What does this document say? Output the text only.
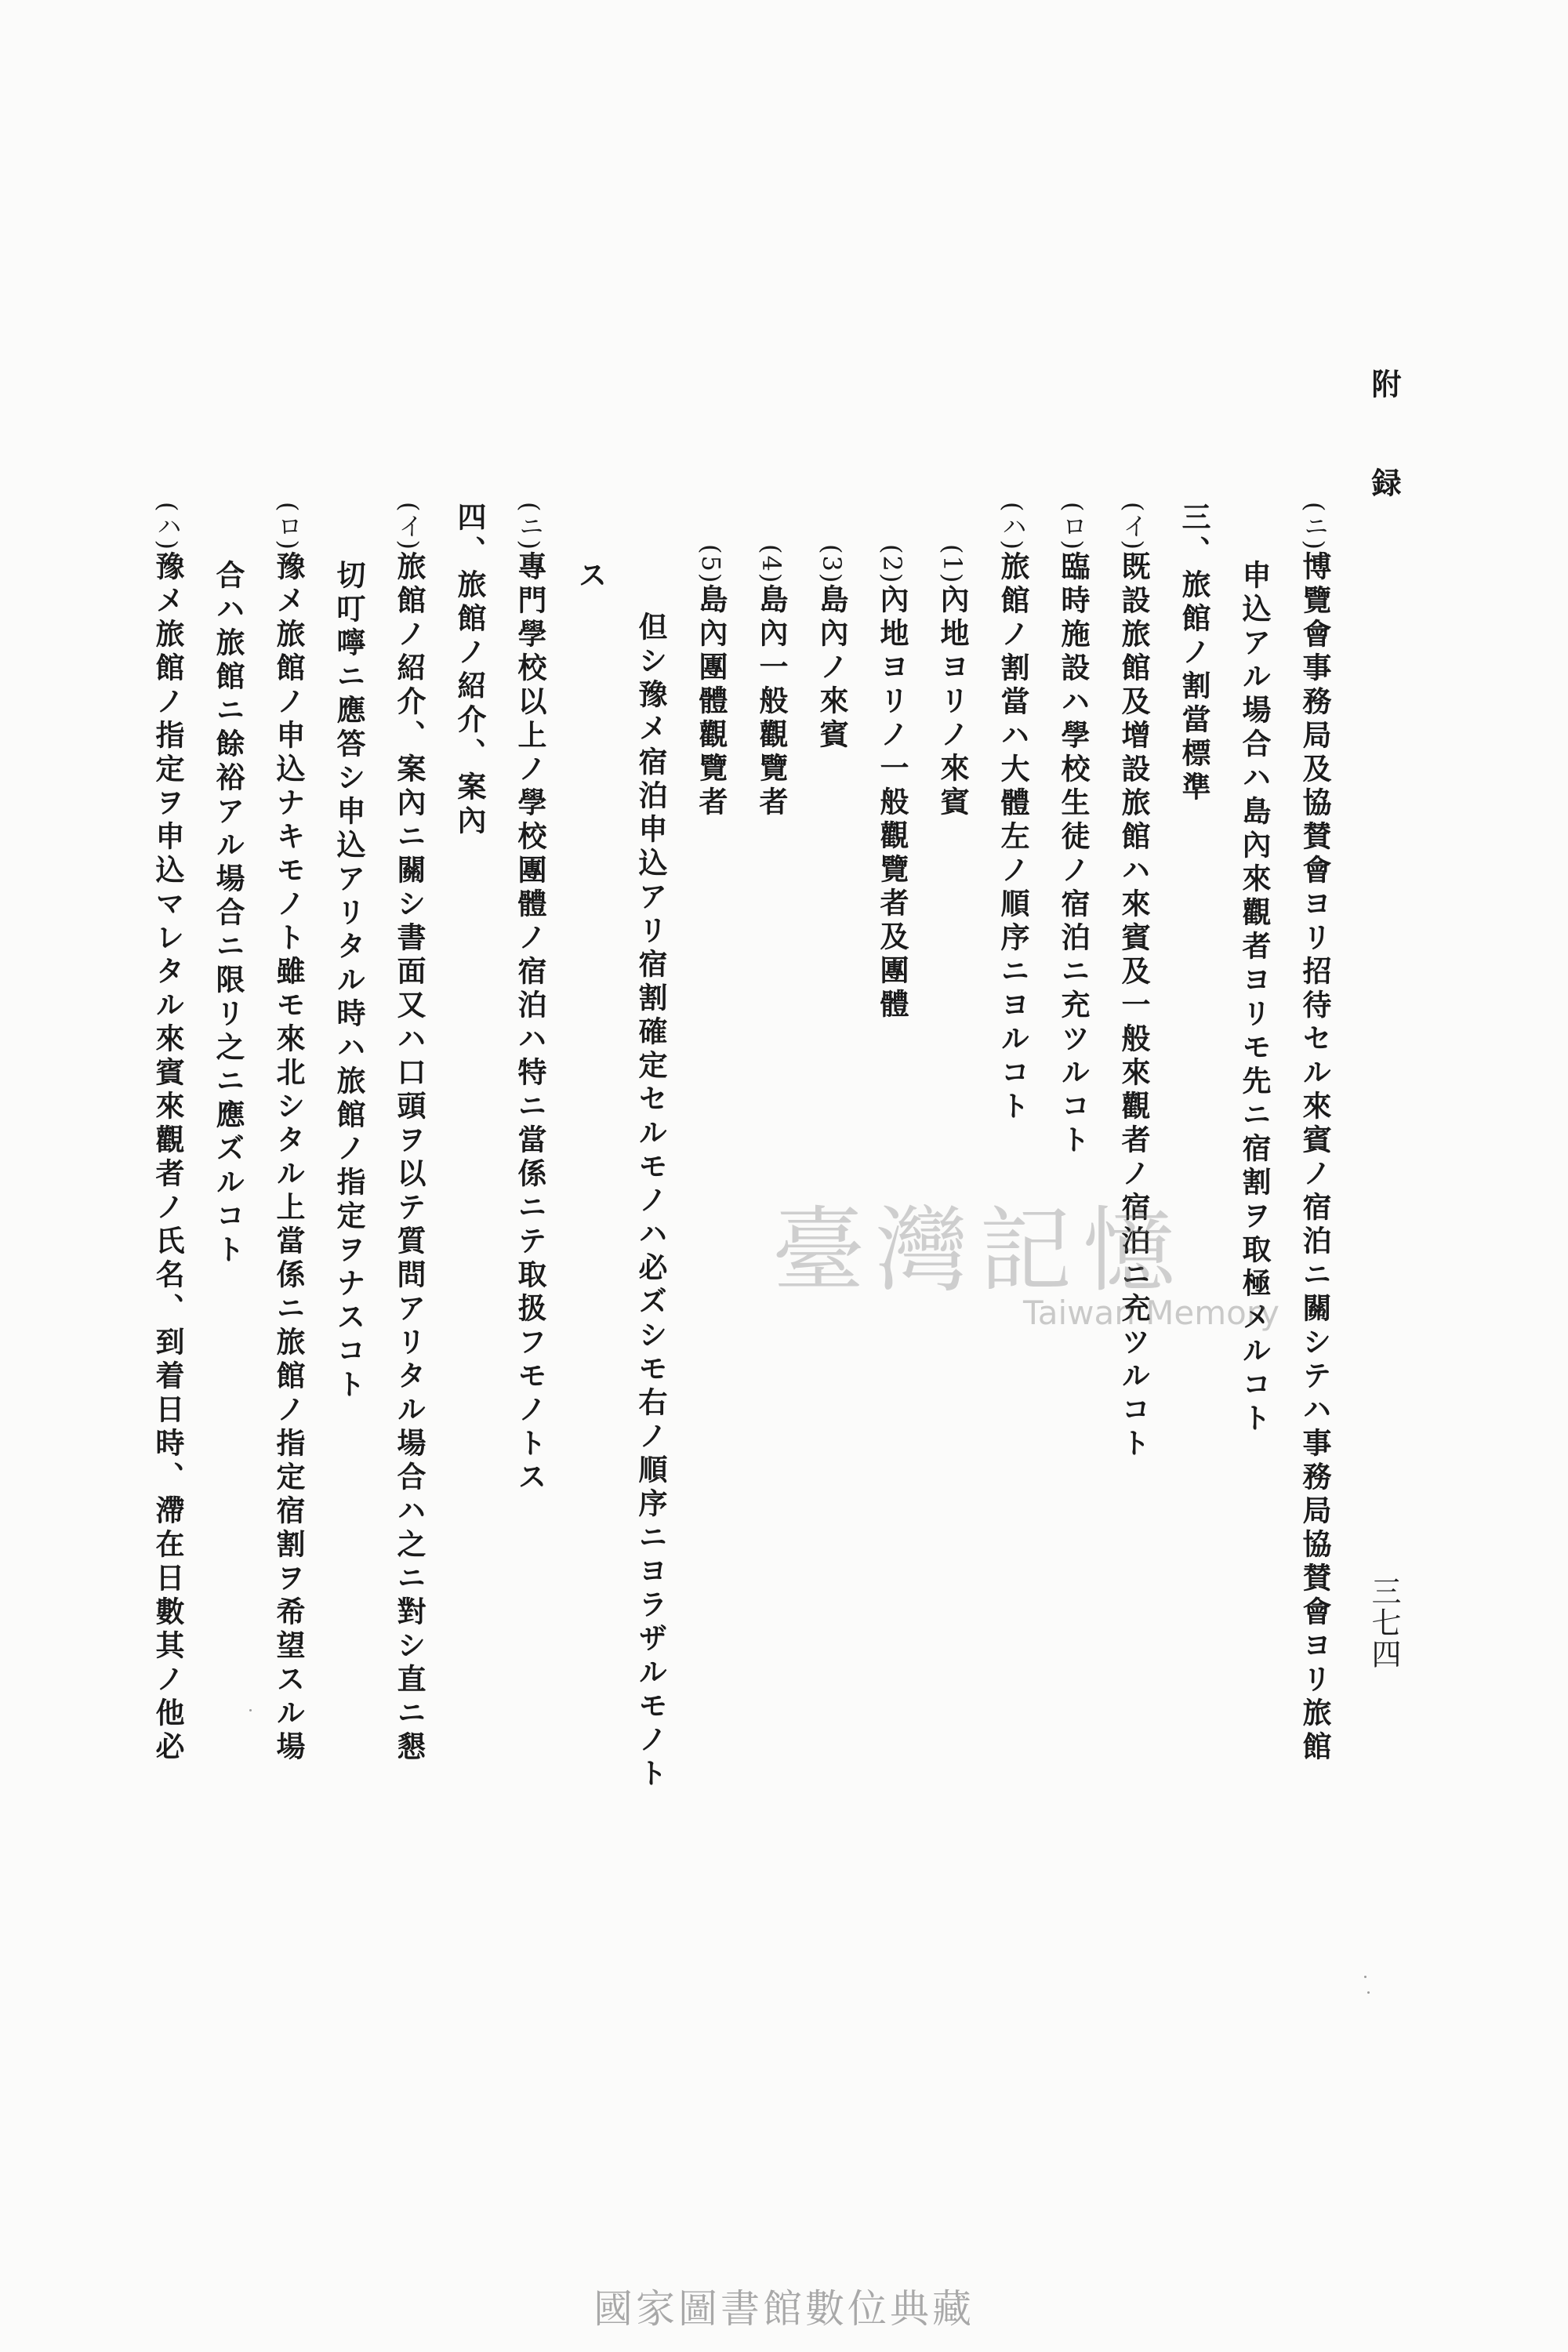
附録
三七四
(ニ)博覽會事務局及協賛會ヨリ招待セル來賓ノ宿泊ニ關シテハ事務局協賛會ヨリ旅館
申込アル場合ハ島內來觀者ヨリモ先ニ宿割ヲ取極メルコト
三、旅館ノ割當標準
(イ)既設旅館及增設旅館ハ來賓及一般來觀者ノ宿泊ニ充ツルコト
(ロ)臨時施設ハ學校生徒ノ宿泊ニ充ツルコト
(ハ)旅館ノ割當ハ大體左ノ順序ニヨルコト
(1)內地ヨリノ來賓
(2)內地ヨリノ一般觀覽者及團體
(3)島內ノ來賓
(4)島內一般觀覽者
(5)島內團體觀覽者
但シ豫メ宿泊申込アリ宿割確定セルモノハ必ズシモ右ノ順序ニヨラザルモノト
ス
(ニ)專門學校以上ノ學校團體ノ宿泊ハ特ニ當係ニテ取扱フモノトス
四、旅館ノ紹介、案內
(イ)旅館ノ紹介、案內ニ關シ書面又ハ口頭ヲ以テ質問アリタル場合ハ之ニ對シ直ニ懇
切叮嚀ニ應答シ申込アリタル時ハ旅館ノ指定ヲナスコト
(ロ)豫メ旅館ノ申込ナキモノト雖モ來北シタル上當係ニ旅館ノ指定宿割ヲ希望スル場
合ハ旅館ニ餘裕アル場合ニ限リ之ニ應ズルコト
(ハ)豫メ旅館ノ指定ヲ申込マレタル來賓來觀者ノ氏名、到着日時、滯在日數其ノ他必	臺灣記憶
Taiwan Memory
國家圖書館數位典藏
